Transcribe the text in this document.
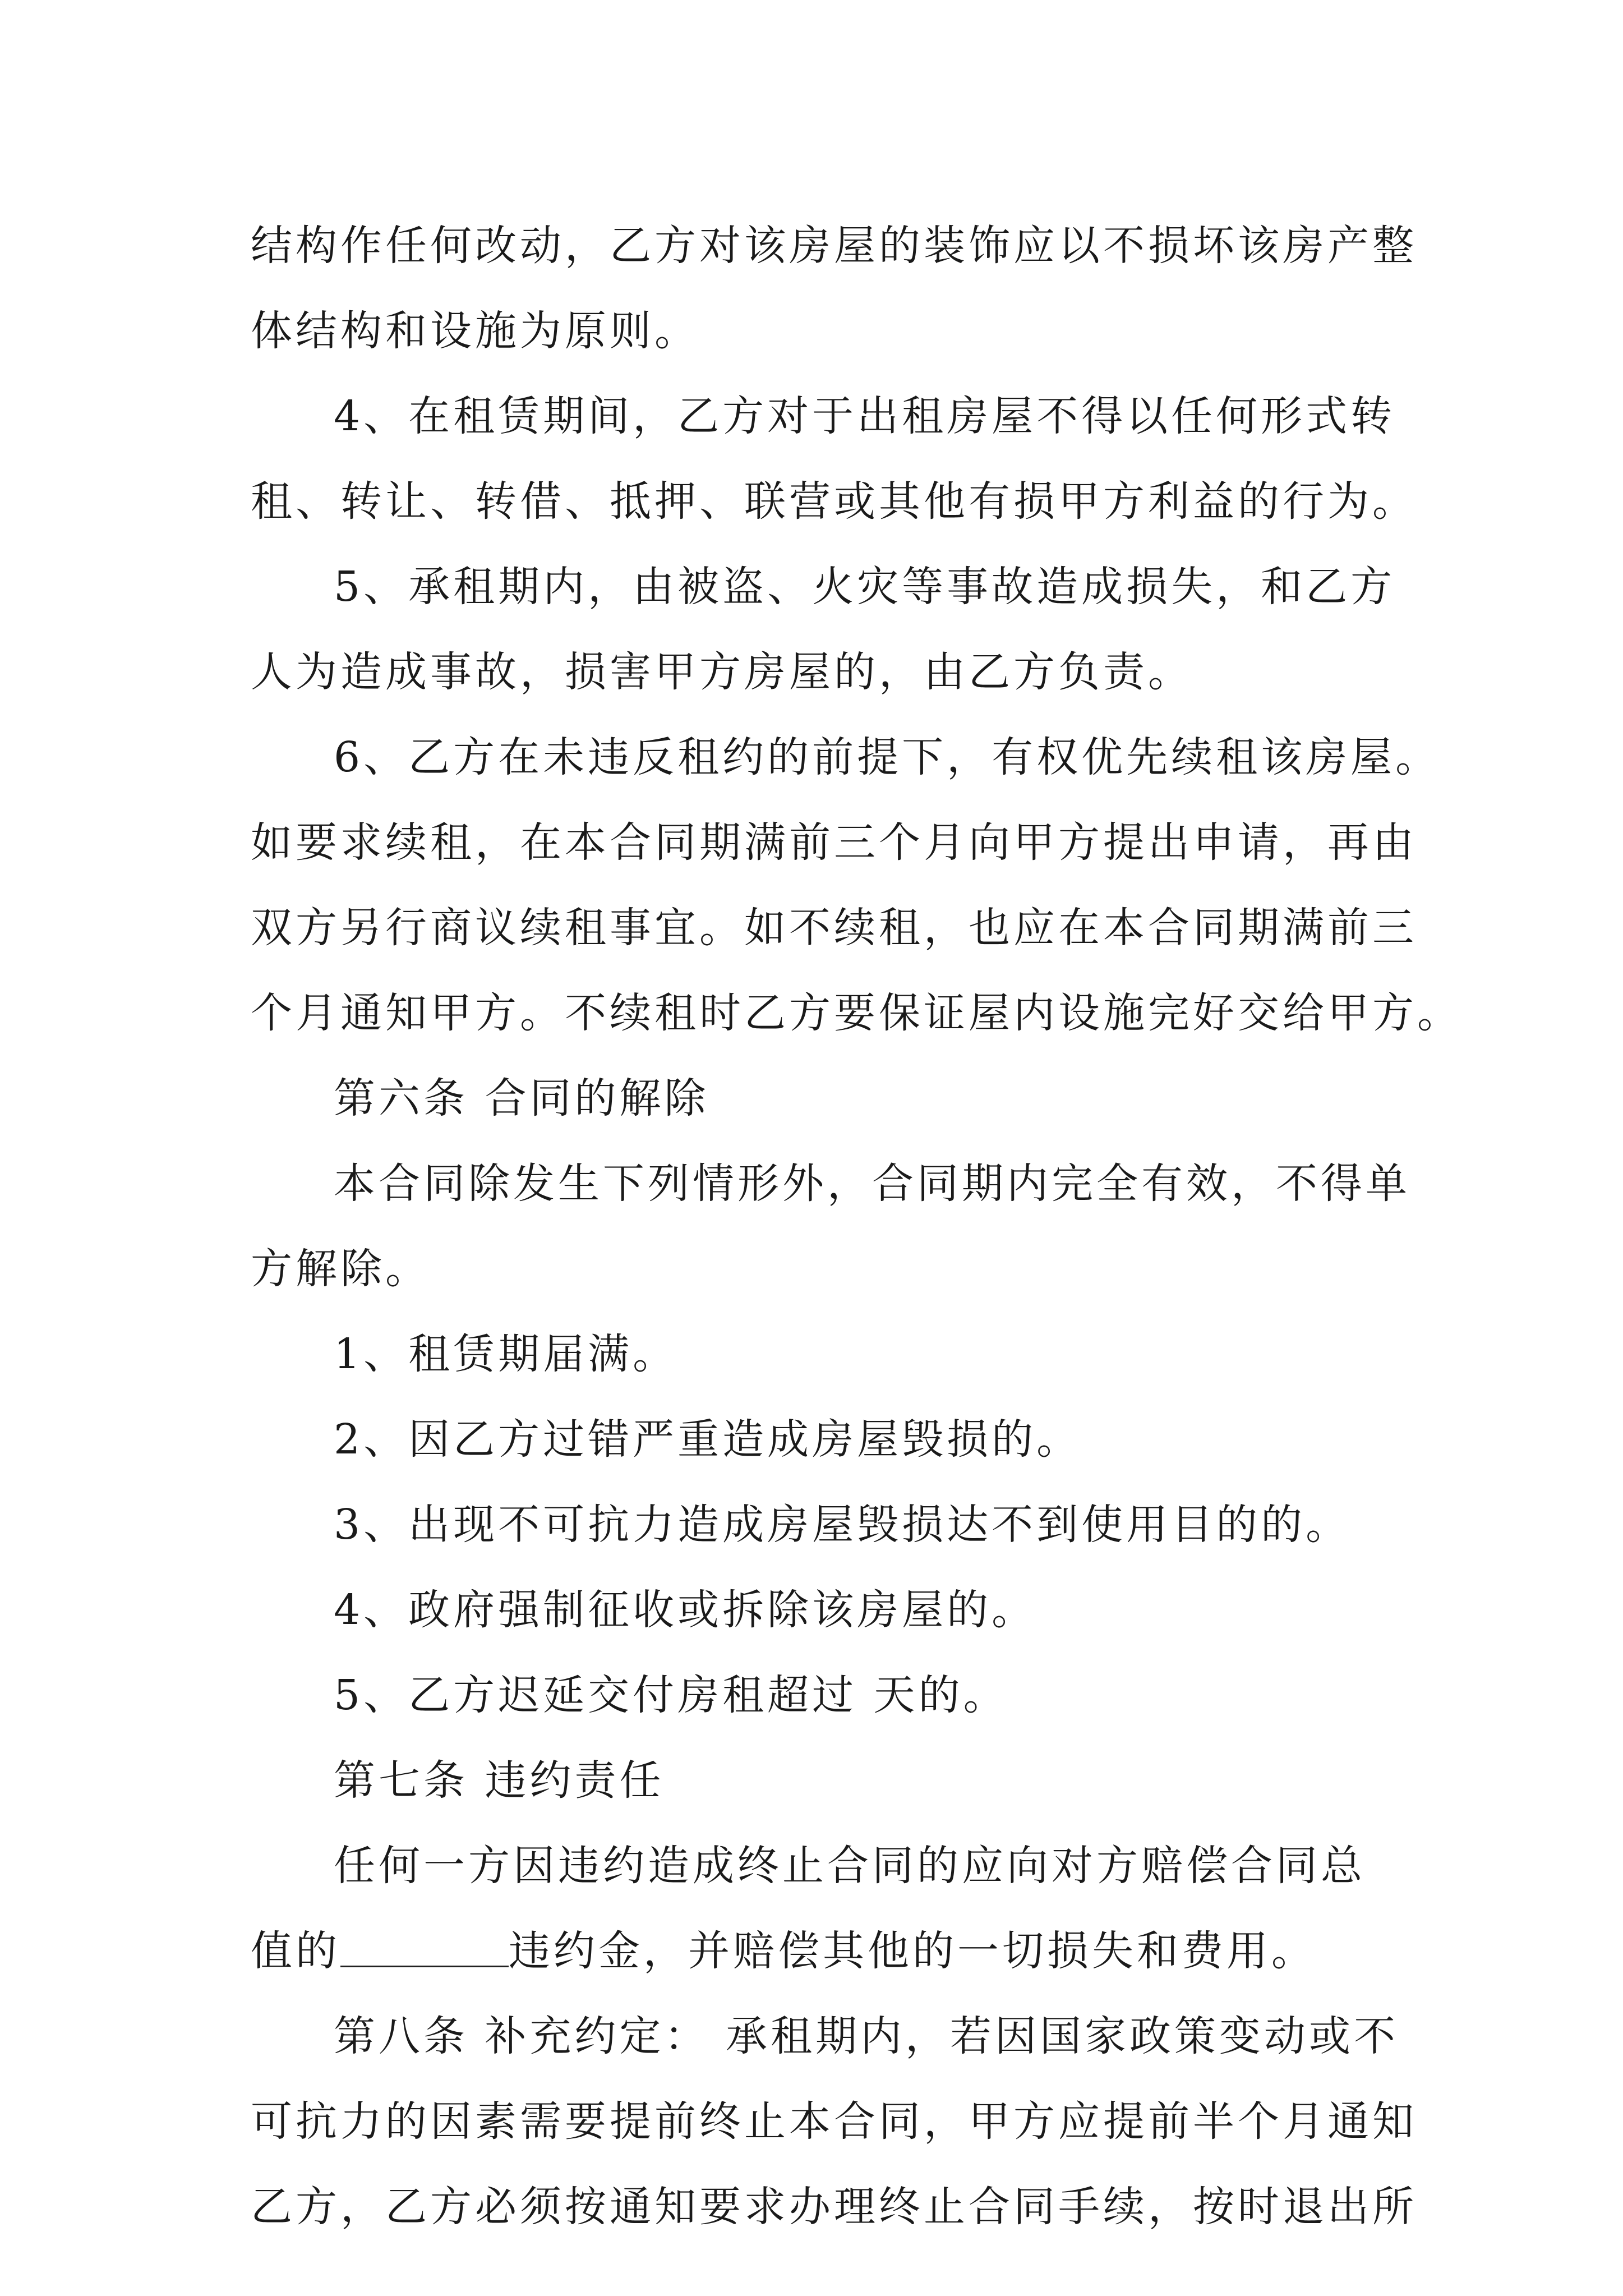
结构作任何改动，乙方对该房屋的装饰应以不损坏该房产整
体结构和设施为原则。
4、在租赁期间，乙方对于出租房屋不得以任何形式转
租、转让、转借、抵押、联营或其他有损甲方利益的行为。
5、承租期内，由被盗、火灾等事故造成损失，和乙方
人为造成事故，损害甲方房屋的，由乙方负责。
6、乙方在未违反租约的前提下，有权优先续租该房屋。
如要求续租，在本合同期满前三个月向甲方提出申请，再由
双方另行商议续租事宜。如不续租，也应在本合同期满前三
个月通知甲方。不续租时乙方要保证屋内设施完好交给甲方。
第六条 合同的解除
本合同除发生下列情形外，合同期内完全有效，不得单
方解除。
1、租赁期届满。
2、因乙方过错严重造成房屋毁损的。
3、出现不可抗力造成房屋毁损达不到使用目的的。
4、政府强制征收或拆除该房屋的。
5、乙方迟延交付房租超过 天的。
第七条 违约责任
任何一方因违约造成终止合同的应向对方赔偿合同总
值的	违约金，并赔偿其他的一切损失和费用。
第八条 补充约定： 承租期内，若因国家政策变动或不
可抗力的因素需要提前终止本合同，甲方应提前半个月通知
乙方，乙方必须按通知要求办理终止合同手续，按时退出所
